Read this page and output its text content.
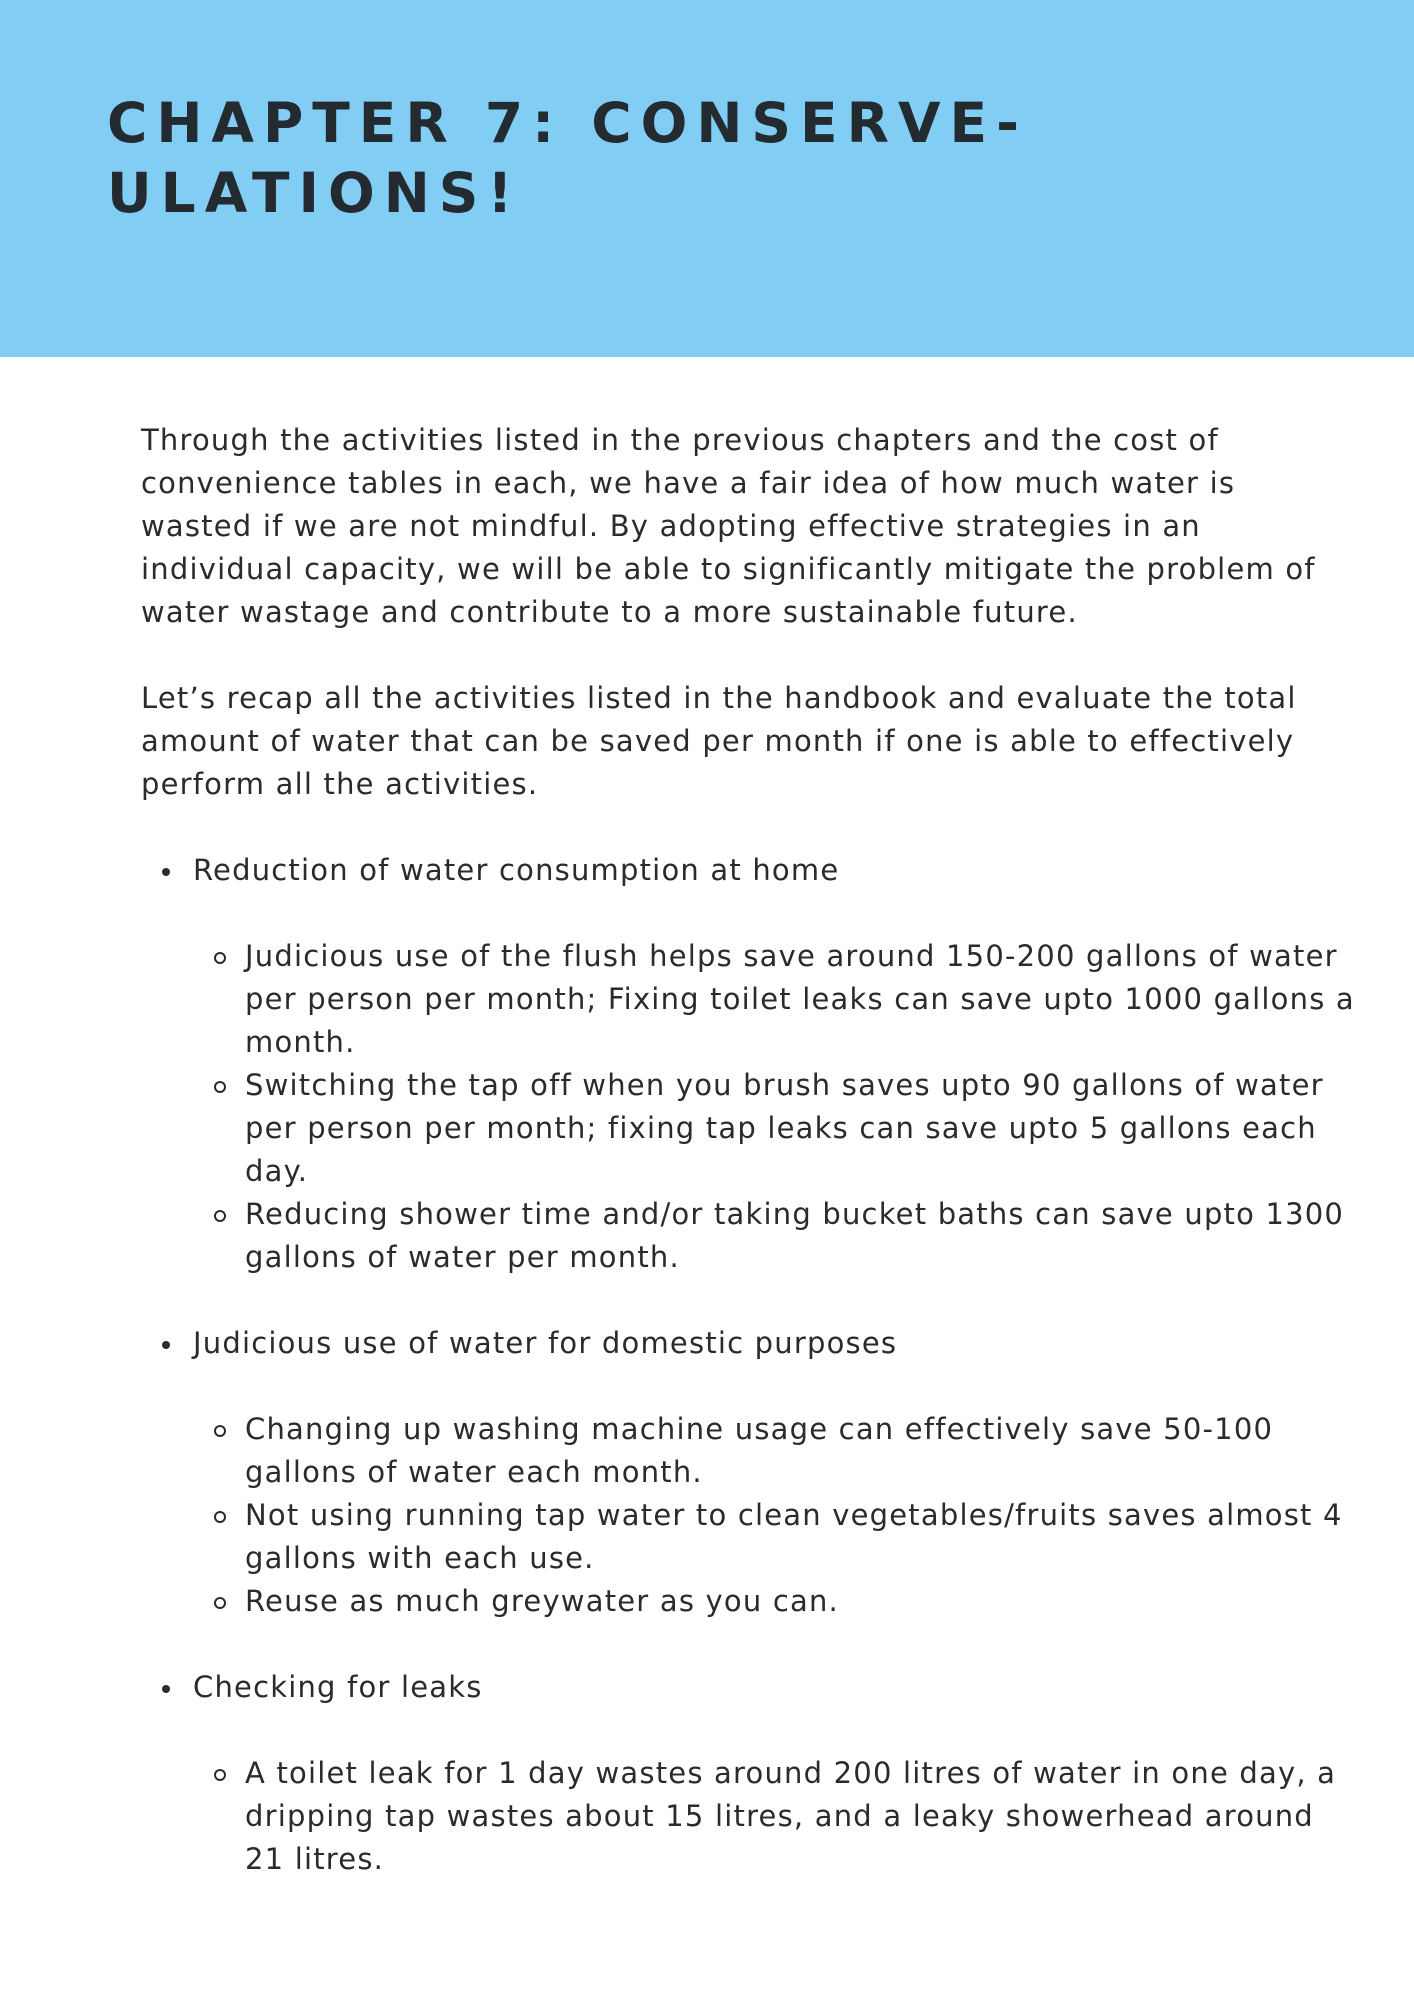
CHAPTER 7: CONSERVE-
ULATIONS!

Through the activities listed in the previous chapters and the cost of convenience tables in each, we have a fair idea of how much water is wasted if we are not mindful. By adopting effective strategies in an individual capacity, we will be able to significantly mitigate the problem of water wastage and contribute to a more sustainable future.

Let’s recap all the activities listed in the handbook and evaluate the total amount of water that can be saved per month if one is able to effectively perform all the activities.

Reduction of water consumption at home
Judicious use of the flush helps save around 150-200 gallons of water per person per month; Fixing toilet leaks can save upto 1000 gallons a month.
Switching the tap off when you brush saves upto 90 gallons of water per person per month; fixing tap leaks can save upto 5 gallons each day.
Reducing shower time and/or taking bucket baths can save upto 1300 gallons of water per month.
Judicious use of water for domestic purposes
Changing up washing machine usage can effectively save 50-100 gallons of water each month.
Not using running tap water to clean vegetables/fruits saves almost 4 gallons with each use.
Reuse as much greywater as you can.
Checking for leaks
A toilet leak for 1 day wastes around 200 litres of water in one day, a dripping tap wastes about 15 litres, and a leaky showerhead around 21 litres.
